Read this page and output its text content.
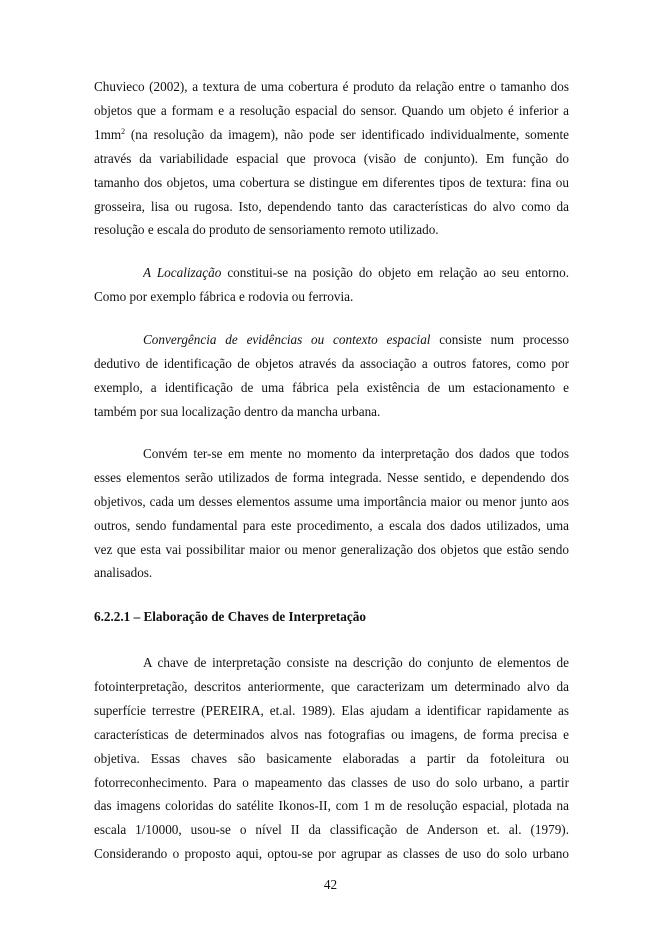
Chuvieco (2002), a textura de uma cobertura é produto da relação entre o tamanho dos
objetos que a formam e a resolução espacial do sensor. Quando um objeto é inferior a
$1mm^2$ (na resolução da imagem), não pode ser identificado individualmente, somente
através da variabilidade espacial que provoca (visão de conjunto). Em função do
tamanho dos objetos, uma cobertura se distingue em diferentes tipos de textura: fina ou
grosseira, lisa ou rugosa. Isto, dependendo tanto das características do alvo como da
resolução e escala do produto de sensoriamento remoto utilizado.
A Localização constitui-se na posição do objeto em relação ao seu entorno.
Como por exemplo fábrica e rodovia ou ferrovia.
Convergência de evidências ou contexto espacial consiste num processo
dedutivo de identificação de objetos através da associação a outros fatores, como por
exemplo, a identificação de uma fábrica pela existência de um estacionamento e
também por sua localização dentro da mancha urbana.
Convém ter-se em mente no momento da interpretação dos dados que todos
esses elementos serão utilizados de forma integrada. Nesse sentido, e dependendo dos
objetivos, cada um desses elementos assume uma importância maior ou menor junto aos
outros, sendo fundamental para este procedimento, a escala dos dados utilizados, uma
vez que esta vai possibilitar maior ou menor generalização dos objetos que estão sendo
analisados.
6.2.2.1 – Elaboração de Chaves de Interpretação
A chave de interpretação consiste na descrição do conjunto de elementos de
fotointerpretação, descritos anteriormente, que caracterizam um determinado alvo da
superfície terrestre (PEREIRA, et.al. 1989). Elas ajudam a identificar rapidamente as
características de determinados alvos nas fotografias ou imagens, de forma precisa e
objetiva. Essas chaves são basicamente elaboradas a partir da fotoleitura ou
fotorreconhecimento. Para o mapeamento das classes de uso do solo urbano, a partir
das imagens coloridas do satélite Ikonos-II, com 1 m de resolução espacial, plotada na
escala 1/10000, usou-se o nível II da classificação de Anderson et. al. (1979).
Considerando o proposto aqui, optou-se por agrupar as classes de uso do solo urbano
42
